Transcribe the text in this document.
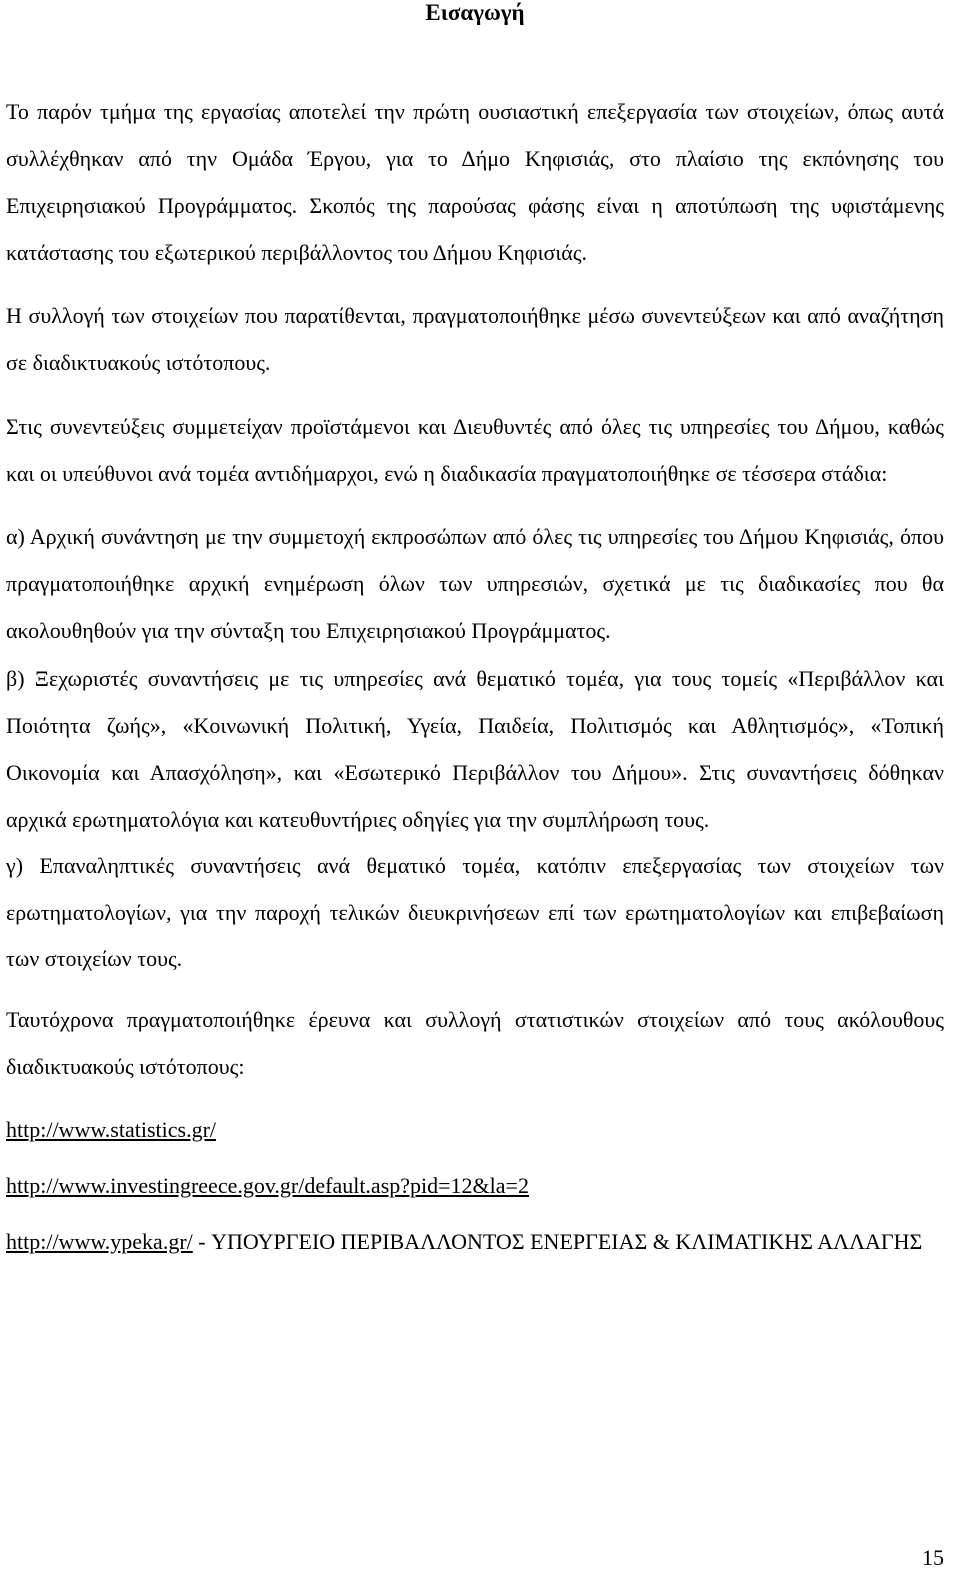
Εισαγωγή

Το παρόν τμήμα της εργασίας αποτελεί την πρώτη ουσιαστική επεξεργασία των στοιχείων, όπως αυτά συλλέχθηκαν από την Ομάδα Έργου, για το Δήμο Κηφισιάς, στο πλαίσιο της εκπόνησης του Επιχειρησιακού Προγράμματος. Σκοπός της παρούσας φάσης είναι η αποτύπωση της υφιστάμενης κατάστασης του εξωτερικού περιβάλλοντος του Δήμου Κηφισιάς.

Η συλλογή των στοιχείων που παρατίθενται, πραγματοποιήθηκε μέσω συνεντεύξεων και από αναζήτηση σε διαδικτυακούς ιστότοπους.

Στις συνεντεύξεις συμμετείχαν προϊστάμενοι και Διευθυντές από όλες τις υπηρεσίες του Δήμου, καθώς και οι υπεύθυνοι ανά τομέα αντιδήμαρχοι, ενώ η διαδικασία πραγματοποιήθηκε σε τέσσερα στάδια:

α) Αρχική συνάντηση με την συμμετοχή εκπροσώπων από όλες τις υπηρεσίες του Δήμου Κηφισιάς, όπου πραγματοποιήθηκε αρχική ενημέρωση όλων των υπηρεσιών, σχετικά με τις διαδικασίες που θα ακολουθηθούν για την σύνταξη του Επιχειρησιακού Προγράμματος.

β) Ξεχωριστές συναντήσεις με τις υπηρεσίες ανά θεματικό τομέα, για τους τομείς «Περιβάλλον και Ποιότητα ζωής», «Κοινωνική Πολιτική, Υγεία, Παιδεία, Πολιτισμός και Αθλητισμός», «Τοπική Οικονομία και Απασχόληση», και «Εσωτερικό Περιβάλλον του Δήμου». Στις συναντήσεις δόθηκαν αρχικά ερωτηματολόγια και κατευθυντήριες οδηγίες για την συμπλήρωση τους.

γ) Επαναληπτικές συναντήσεις ανά θεματικό τομέα, κατόπιν επεξεργασίας των στοιχείων των ερωτηματολογίων, για την παροχή τελικών διευκρινήσεων επί των ερωτηματολογίων και επιβεβαίωση των στοιχείων τους.

Ταυτόχρονα πραγματοποιήθηκε έρευνα και συλλογή στατιστικών στοιχείων από τους ακόλουθους διαδικτυακούς ιστότοπους:

http://www.statistics.gr/
http://www.investingreece.gov.gr/default.asp?pid=12&la=2
http://www.ypeka.gr/ - ΥΠΟΥΡΓΕΙΟ ΠΕΡΙΒΑΛΛΟΝΤΟΣ ΕΝΕΡΓΕΙΑΣ & ΚΛΙΜΑΤΙΚΗΣ ΑΛΛΑΓΗΣ
15
